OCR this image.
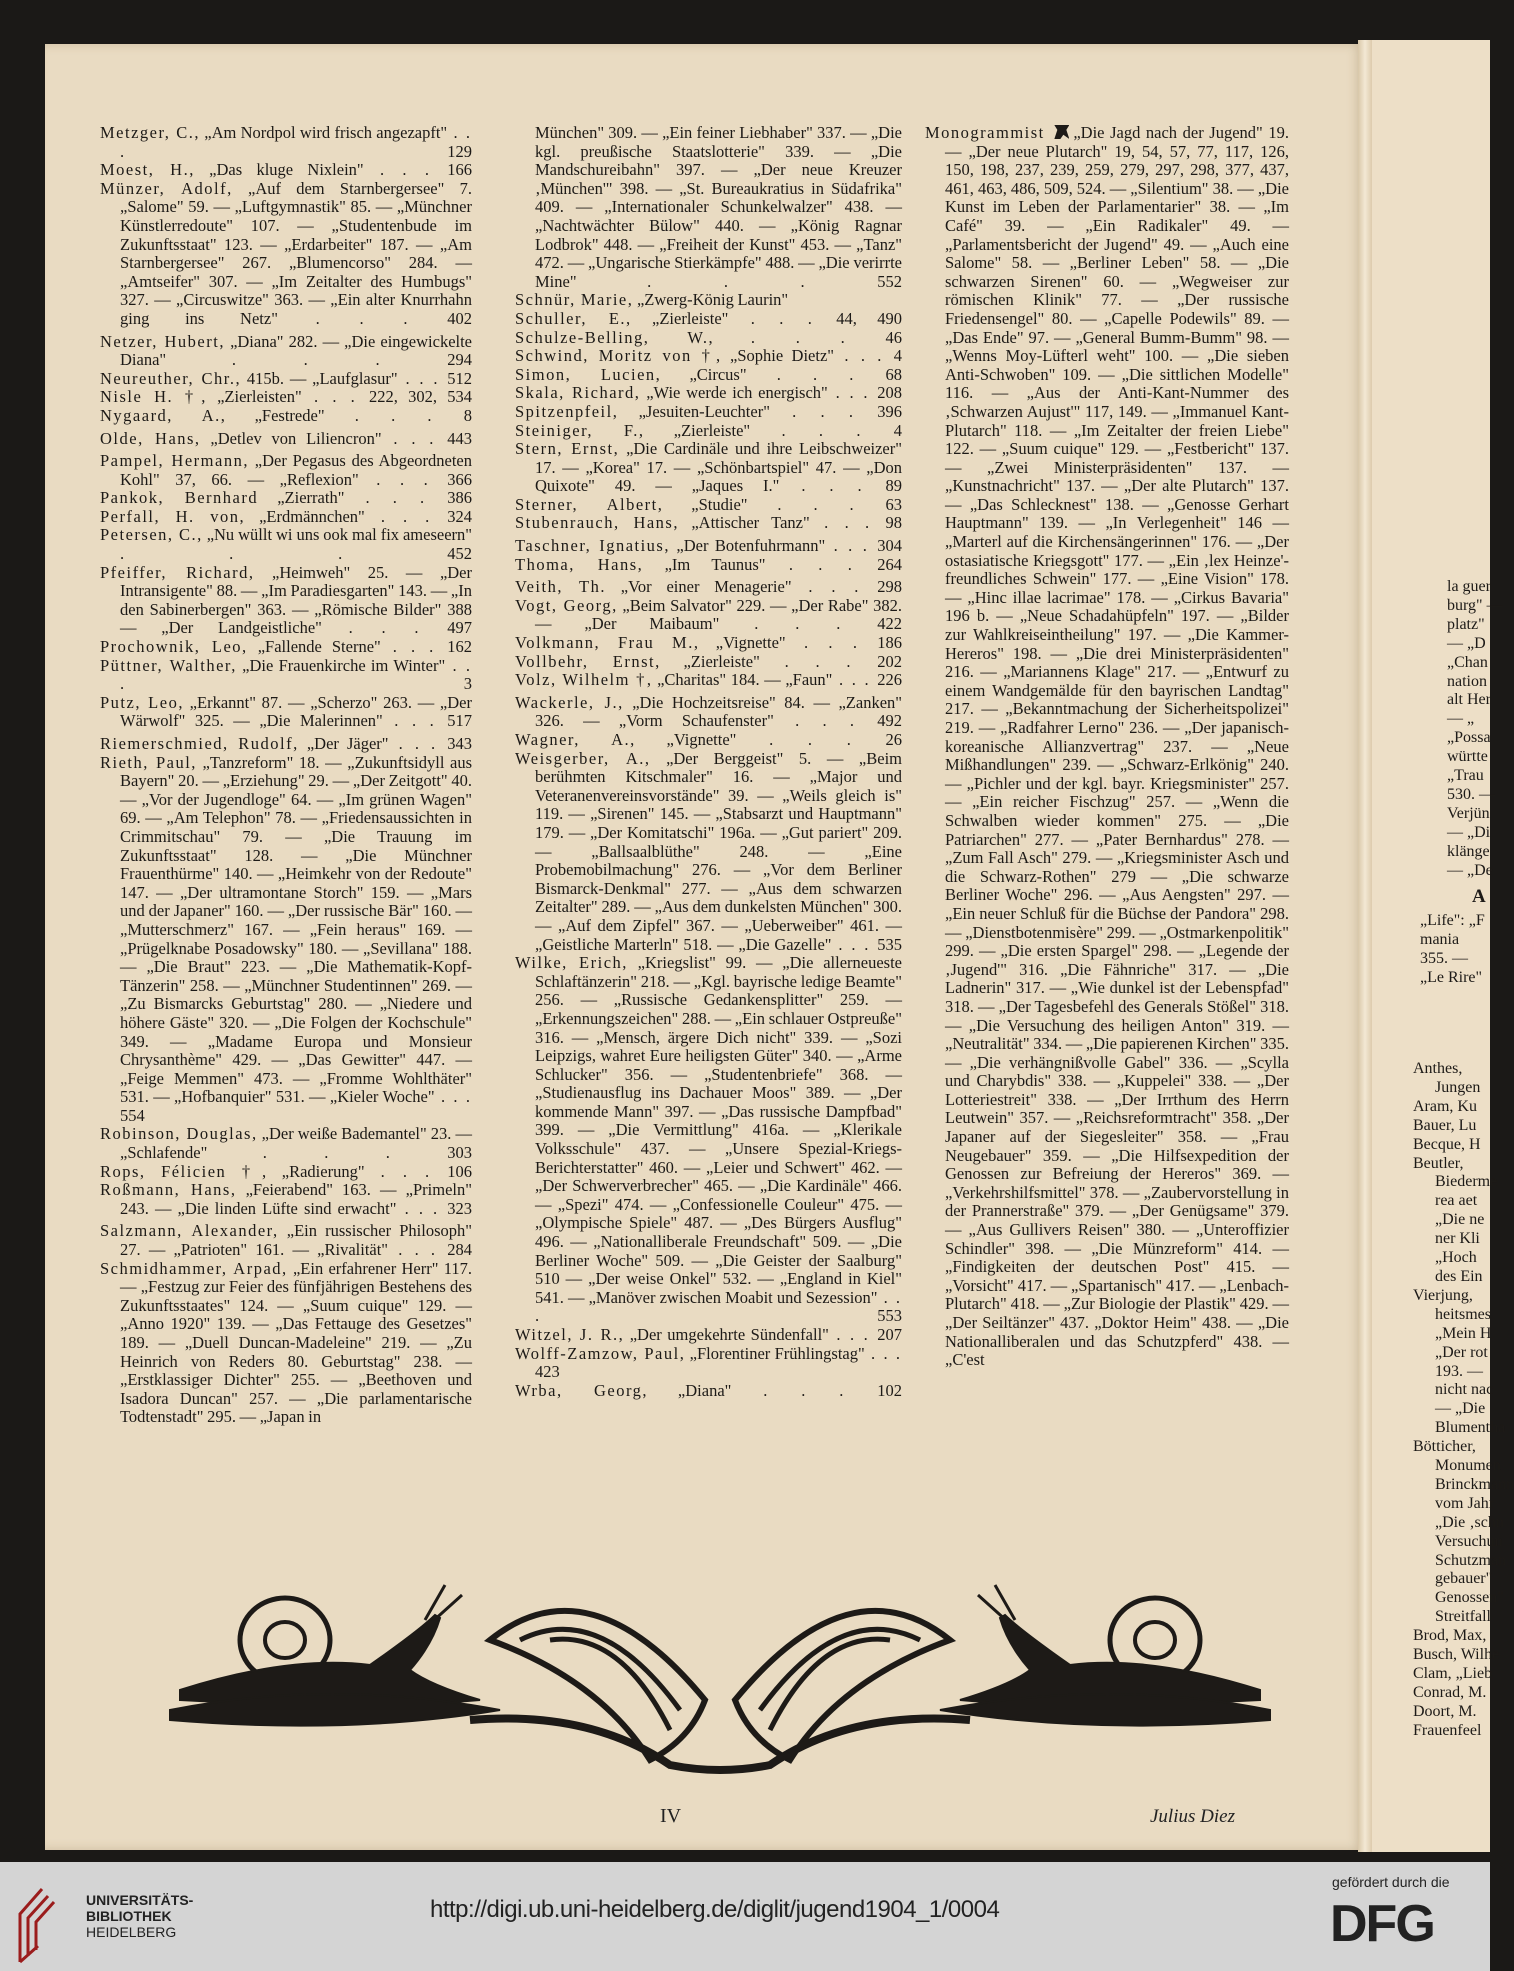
Metzger, C., „Am Nordpol wird frisch angezapft". . . 129
Moest, H., „Das kluge Nixlein" . . .	166
Münzer, Adolf, „Auf dem Starnbergersee" 7. „Salome" 59. — „Luftgymnastik" 85. — „Münchner Künstlerredoute" 107. — „Studentenbude im Zukunftsstaat" 123. — „Erdarbeiter" 187. — „Am Starnbergersee" 267. „Blumencorso" 284. — „Amtseifer" 307. — „Im Zeitalter des Humbugs" 327. — „Circuswitze" 363. — „Ein alter Knurrhahn ging ins Netz" . . .	402
Netzer, Hubert, „Diana" 282. — „Die eingewickelte Diana" . . .	294
Neureuther, Chr., 415b. — „Laufglasur". . .	512
Nisle H. †, „Zierleisten" . . .	222, 302, 534
Nygaard, A., „Festrede" . . .	8
Olde, Hans, „Detlev von Liliencron" . . .	443
Pampel, Hermann, „Der Pegasus des Abgeordneten Kohl" 37, 66. — „Reflexion". . .	366
Pankok, Bernhard „Zierrath" . . .	386
Perfall, H. von, „Erdmännchen" . . .	324
Petersen, C., „Nu wüllt wi uns ook mal fix ameseern". . . 452
Pfeiffer, Richard, „Heimweh" 25. — „Der Intransigente" 88. — „Im Paradiesgarten" 143. — „In den Sabinerbergen" 363. — „Römische Bilder" 388 — „Der Landgeistliche" . . .	497
Prochownik, Leo, „Fallende Sterne" . . .	162
Püttner, Walther, „Die Frauenkirche im Winter". . . 3
Putz, Leo, „Erkannt" 87. — „Scherzo" 263. — „Der Wärwolf" 325. — „Die Malerinnen" . . .	517
Riemerschmied, Rudolf, „Der Jäger" . . .	343
Rieth, Paul, „Tanzreform" 18. — „Zukunftsidyll aus Bayern" 20. — „Erziehung" 29. — „Der Zeitgott" 40. — „Vor der Jugendloge" 64. — „Im grünen Wagen" 69. — „Am Telephon" 78. — „Friedensaussichten in Crimmitschau" 79. — „Die Trauung im Zukunftsstaat" 128. — „Die Münchner Frauenthürme" 140. — „Heimkehr von der Redoute" 147. — „Der ultramontane Storch" 159. — „Mars und der Japaner" 160. — „Der russische Bär" 160. — „Mutterschmerz" 167. — „Fein heraus" 169. — „Prügelknabe Posadowsky" 180. — „Sevillana" 188. — „Die Braut" 223. — „Die Mathematik-Kopf-Tänzerin" 258. — „Münchner Studentinnen" 269. — „Zu Bismarcks Geburtstag" 280. — „Niedere und höhere Gäste" 320. — „Die Folgen der Kochschule" 349. — „Madame Europa und Monsieur Chrysanthème" 429. — „Das Gewitter" 447. — „Feige Memmen" 473. — „Fromme Wohlthäter" 531. — „Hofbanquier" 531. — „Kieler Woche". . . 554
Robinson, Douglas, „Der weiße Bademantel" 23. — „Schlafende" . . .	303
Rops, Félicien †, „Radierung" . . .	106
Roßmann, Hans, „Feierabend" 163. — „Primeln" 243. — „Die linden Lüfte sind erwacht" . . .	323
Salzmann, Alexander, „Ein russischer Philosoph" 27. — „Patrioten" 161. — „Rivalität" . . .	284
Schmidhammer, Arpad, „Ein erfahrener Herr" 117. — „Festzug zur Feier des fünfjährigen Bestehens des Zukunftsstaates" 124. — „Suum cuique" 129. — „Anno 1920" 139. — „Das Fettauge des Gesetzes" 189. — „Duell Duncan-Madeleine" 219. — „Zu Heinrich von Reders 80. Geburtstag" 238. — „Erstklassiger Dichter" 255. — „Beethoven und Isadora Duncan" 257. — „Die parlamentarische Todtenstadt" 295. — „Japan in
München" 309. — „Ein feiner Liebhaber" 337. — „Die kgl. preußische Staatslotterie" 339. — „Die Mandschureibahn" 397. — „Der neue Kreuzer ‚München'" 398. — „St. Bureaukratius in Südafrika" 409. — „Internationaler Schunkelwalzer" 438. — „Nachtwächter Bülow" 440. — „König Ragnar Lodbrok" 448. — „Freiheit der Kunst" 453. — „Tanz" 472. — „Ungarische Stierkämpfe" 488. — „Die verirrte Mine" . . .	552
Schnür, Marie, „Zwerg-König Laurin"
Schuller, E., „Zierleiste" . . .	44, 490
Schulze-Belling, W., . . .	46
Schwind, Moritz von †, „Sophie Dietz" . . .	4
Simon, Lucien, „Circus" . . .	68
Skala, Richard, „Wie werde ich energisch". . .	208
Spitzenpfeil, „Jesuiten-Leuchter" . . .	396
Steiniger, F., „Zierleiste" . . .	4
Stern, Ernst, „Die Cardinäle und ihre Leibschweizer" 17. — „Korea" 17. — „Schönbartspiel" 47. — „Don Quixote" 49. — „Jaques I." . . .	89
Sterner, Albert, „Studie" . . .	63
Stubenrauch, Hans, „Attischer Tanz" . . .	98
Taschner, Ignatius, „Der Botenfuhrmann". . .	304
Thoma, Hans, „Im Taunus" . . .	264
Veith, Th. „Vor einer Menagerie" . . .	298
Vogt, Georg, „Beim Salvator" 229. — „Der Rabe" 382. — „Der Maibaum" . . .	422
Volkmann, Frau M., „Vignette" . . .	186
Vollbehr, Ernst, „Zierleiste" . . .	202
Volz, Wilhelm †, „Charitas" 184. — „Faun". . .	226
Wackerle, J., „Die Hochzeitsreise" 84. — „Zanken" 326. — „Vorm Schaufenster" . . .	492
Wagner, A., „Vignette" . . .	26
Weisgerber, A., „Der Berggeist" 5. — „Beim berühmten Kitschmaler" 16. — „Major und Veteranenvereinsvorstände" 39. — „Weils gleich is" 119. — „Sirenen" 145. — „Stabsarzt und Hauptmann" 179. — „Der Komitatschi" 196a. — „Gut pariert" 209. — „Ballsaalblüthe" 248. — „Eine Probemobilmachung" 276. — „Vor dem Berliner Bismarck-Denkmal" 277. — „Aus dem schwarzen Zeitalter" 289. — „Aus dem dunkelsten München" 300. — „Auf dem Zipfel" 367. — „Ueberweiber" 461. — „Geistliche Marterln" 518. — „Die Gazelle". . .	535
Wilke, Erich, „Kriegslist" 99. — „Die allerneueste Schlaftänzerin" 218. — „Kgl. bayrische ledige Beamte" 256. — „Russische Gedankensplitter" 259. — „Erkennungszeichen" 288. — „Ein schlauer Ostpreuße" 316. — „Mensch, ärgere Dich nicht" 339. — „Sozi Leipzigs, wahret Eure heiligsten Güter" 340. — „Arme Schlucker" 356. — „Studentenbriefe" 368. — „Studienausflug ins Dachauer Moos" 389. — „Der kommende Mann" 397. — „Das russische Dampfbad" 399. — „Die Vermittlung" 416a. — „Klerikale Volksschule" 437. — „Unsere Spezial-Kriegs-Berichterstatter" 460. — „Leier und Schwert" 462. — „Der Schwerverbrecher" 465. — „Die Kardinäle" 466. — „Spezi" 474. — „Confessionelle Couleur" 475. — „Olympische Spiele" 487. — „Des Bürgers Ausflug" 496. — „Nationalliberale Freundschaft" 509. — „Die Berliner Woche" 509. — „Die Geister der Saalburg" 510 — „Der weise Onkel" 532. — „England in Kiel" 541. — „Manöver zwischen Moabit und Sezession". . . 553
Witzel, J. R., „Der umgekehrte Sündenfall". . .	207
Wolff-Zamzow, Paul, „Florentiner Frühlingstag". . . 423
Wrba, Georg, „Diana" . . .	102
Monogrammist „Die Jagd nach der Jugend" 19. — „Der neue Plutarch" 19, 54, 57, 77, 117, 126, 150, 198, 237, 239, 259, 279, 297, 298, 377, 437, 461, 463, 486, 509, 524. — „Silentium" 38. — „Die Kunst im Leben der Parlamentarier" 38. — „Im Café" 39. — „Ein Radikaler" 49. — „Parlamentsbericht der Jugend" 49. — „Auch eine Salome" 58. — „Berliner Leben" 58. — „Die schwarzen Sirenen" 60. — „Wegweiser zur römischen Klinik" 77. — „Der russische Friedensengel" 80. — „Capelle Podewils" 89. — „Das Ende" 97. — „General Bumm-Bumm" 98. — „Wenns Moy-Lüfterl weht" 100. — „Die sieben Anti-Schwoben" 109. — „Die sittlichen Modelle" 116. — „Aus der Anti-Kant-Nummer des ‚Schwarzen Aujust'" 117, 149. — „Immanuel Kant-Plutarch" 118. — „Im Zeitalter der freien Liebe" 122. — „Suum cuique" 129. — „Festbericht" 137. — „Zwei Ministerpräsidenten" 137. — „Kunstnachricht" 137. — „Der alte Plutarch" 137. — „Das Schlecknest" 138. — „Genosse Gerhart Hauptmann" 139. — „In Verlegenheit" 146 — „Marterl auf die Kirchensängerinnen" 176. — „Der ostasiatische Kriegsgott" 177. — „Ein ‚lex Heinze'-freundliches Schwein" 177. — „Eine Vision" 178. — „Hinc illae lacrimae" 178. — „Cirkus Bavaria" 196 b. — „Neue Schadahüpfeln" 197. — „Bilder zur Wahlkreiseintheilung" 197. — „Die Kammer-Hereros" 198. — „Die drei Ministerpräsidenten" 216. — „Mariannens Klage" 217. — „Entwurf zu einem Wandgemälde für den bayrischen Landtag" 217. — „Bekanntmachung der Sicherheitspolizei" 219. — „Radfahrer Lerno" 236. — „Der japanisch-koreanische Allianzvertrag" 237. — „Neue Mißhandlungen" 239. — „Schwarz-Erlkönig" 240. — „Pichler und der kgl. bayr. Kriegsminister" 257. — „Ein reicher Fischzug" 257. — „Wenn die Schwalben wieder kommen" 275. — „Die Patriarchen" 277. — „Pater Bernhardus" 278. — „Zum Fall Asch" 279. — „Kriegsminister Asch und die Schwarz-Rothen" 279 — „Die schwarze Berliner Woche" 296. — „Aus Aengsten" 297. — „Ein neuer Schluß für die Büchse der Pandora" 298. — „Dienstbotenmisère" 299. — „Ostmarkenpolitik" 299. — „Die ersten Spargel" 298. — „Legende der ‚Jugend'" 316. „Die Fähnriche" 317. — „Die Ladnerin" 317. — „Wie dunkel ist der Lebenspfad" 318. — „Der Tagesbefehl des Generals Stößel" 318. — „Die Versuchung des heiligen Anton" 319. — „Neutralität" 334. — „Die papierenen Kirchen" 335. — „Die verhängnißvolle Gabel" 336. — „Scylla und Charybdis" 338. — „Kuppelei" 338. — „Der Lotteriestreit" 338. — „Der Irrthum des Herrn Leutwein" 357. — „Reichsreformtracht" 358. „Der Japaner auf der Siegesleiter" 358. — „Frau Neugebauer" 359. — „Die Hilfsexpedition der Genossen zur Befreiung der Hereros" 369. — „Verkehrshilfsmittel" 378. — „Zaubervorstellung in der Prannerstraße" 379. — „Der Genügsame" 379. — „Aus Gullivers Reisen" 380. — „Unteroffizier Schindler" 398. — „Die Münzreform" 414. — „Findigkeiten der deutschen Post" 415. — „Vorsicht" 417. — „Spartanisch" 417. — „Lenbach-Plutarch" 418. — „Zur Biologie der Plastik" 429. — „Der Seiltänzer" 437. „Doktor Heim" 438. — „Die Nationalliberalen und das Schutzpferd" 438. — „C'est
la guer
burg" —
platz"
— „D
„Chan
nation
alt Her
— „
„Possa
württe
„Trau
530. —
Verjün
— „Di
klänge
— „De
A
„Life": „F
mania
355. —
„Le Rire"
Anthes,
Jungen
Aram, Ku
Bauer, Lu
Becque, H
Beutler,
Biederme
rea aet
„Die ne
ner Kli
„Hoch
des Ein
Vierjung,
heitsmes
„Mein H
„Der rot
193. —
nicht nac
— „Die
Blumentha
Bötticher,
Monumen
Brinckmann
vom Jahr
„Die ‚schn
Versuchun
Schutzman
gebauer"
Genossen"
Streitfall
Brod, Max,
Busch, Wilhe
Clam, „Lieb
Conrad, M.
Doort, M.
Frauenfeel
IV	Julius Diez
UNIVERSITÄTS-
BIBLIOTHEK
HEIDELBERG
http://digi.ub.uni-heidelberg.de/diglit/jugend1904_1/0004
gefördert durch die
DFG
